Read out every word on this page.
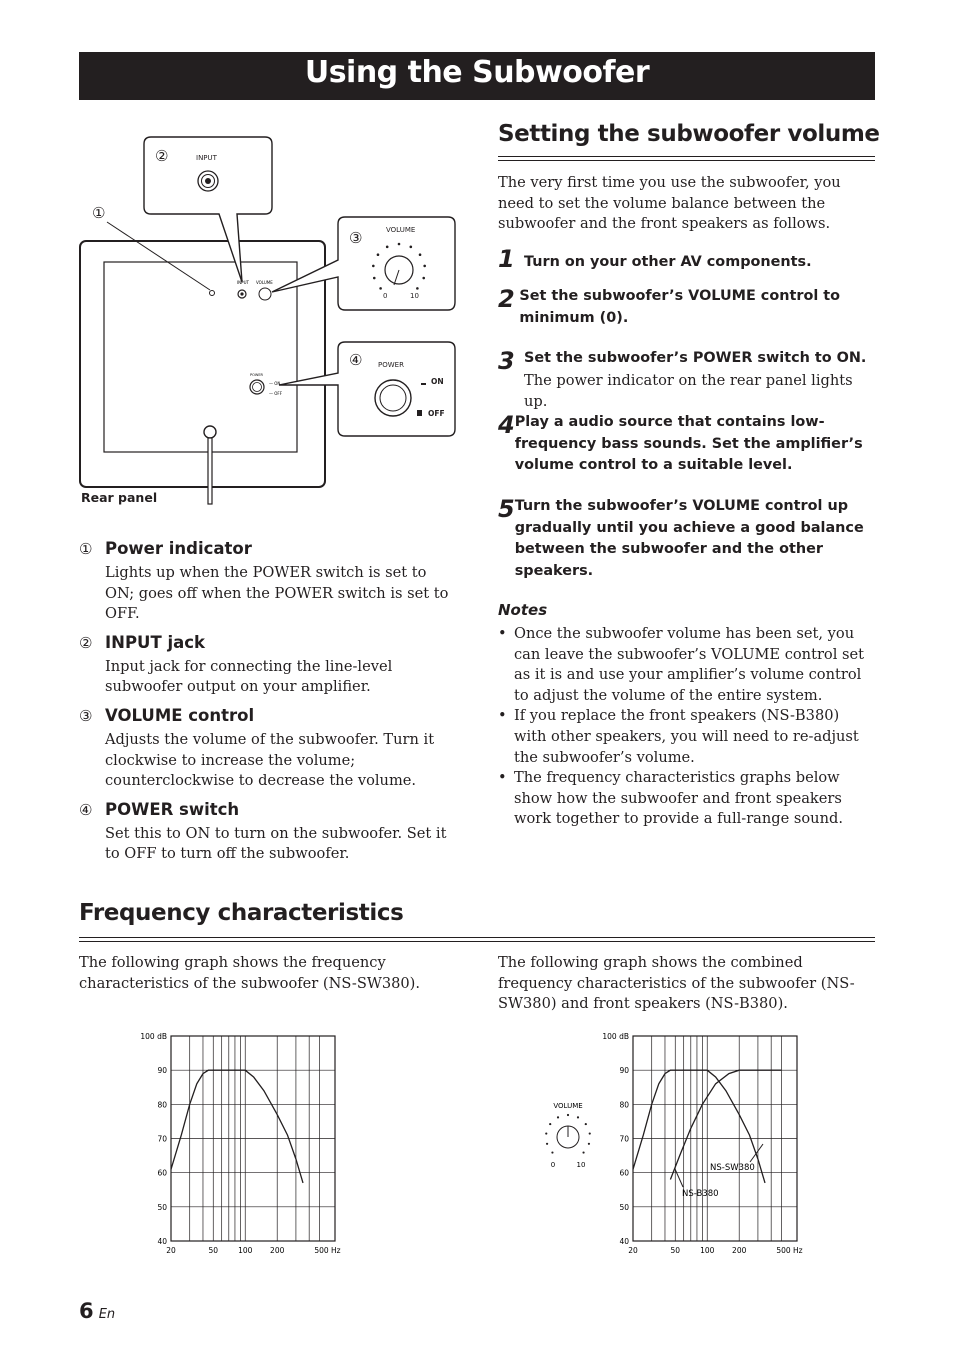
Using the Subwoofer
INPUT VOLUME
POWER
— ON
— OFF
INPUT
VOLUME
0	10
POWER
ON
OFF
①
②
③
④
Rear panel
① Power indicator
Lights up when the POWER switch is set to ON; goes off when the POWER switch is set to OFF.
② INPUT jack
Input jack for connecting the line-level subwoofer output on your amplifier.
③ VOLUME control
Adjusts the volume of the subwoofer. Turn it clockwise to increase the volume; counterclockwise to decrease the volume.
④ POWER switch
Set this to ON to turn on the subwoofer. Set it to OFF to turn off the subwoofer.
Setting the subwoofer volume
The very first time you use the subwoofer, you need to set the volume balance between the subwoofer and the front speakers as follows.
1 Turn on your other AV components.
2 Set the subwoofer’s VOLUME control to minimum (0).
3 Set the subwoofer’s POWER switch to ON.
The power indicator on the rear panel lights up.
4 Play a audio source that contains low-frequency bass sounds. Set the amplifier’s volume control to a suitable level.
5 Turn the subwoofer’s VOLUME control up gradually until you achieve a good balance between the subwoofer and the other speakers.
Notes
• Once the subwoofer volume has been set, you can leave the subwoofer’s VOLUME control set as it is and use your amplifier’s volume control to adjust the volume of the entire system.
• If you replace the front speakers (NS-B380) with other speakers, you will need to re-adjust the subwoofer’s volume.
• The frequency characteristics graphs below show how the subwoofer and front speakers work together to provide a full-range sound.
Frequency characteristics
The following graph shows the frequency characteristics of the subwoofer (NS-SW380).
The following graph shows the combined frequency characteristics of the subwoofer (NS-SW380) and front speakers (NS-B380).
100 dB
90
80
70
60
50
40
20	50	100 200	500 Hz
100 dB
90
80
70
60
50
40
20	50	100 200	500 Hz
NS-SW380
NS-B380
VOLUME
0	10
6 En
